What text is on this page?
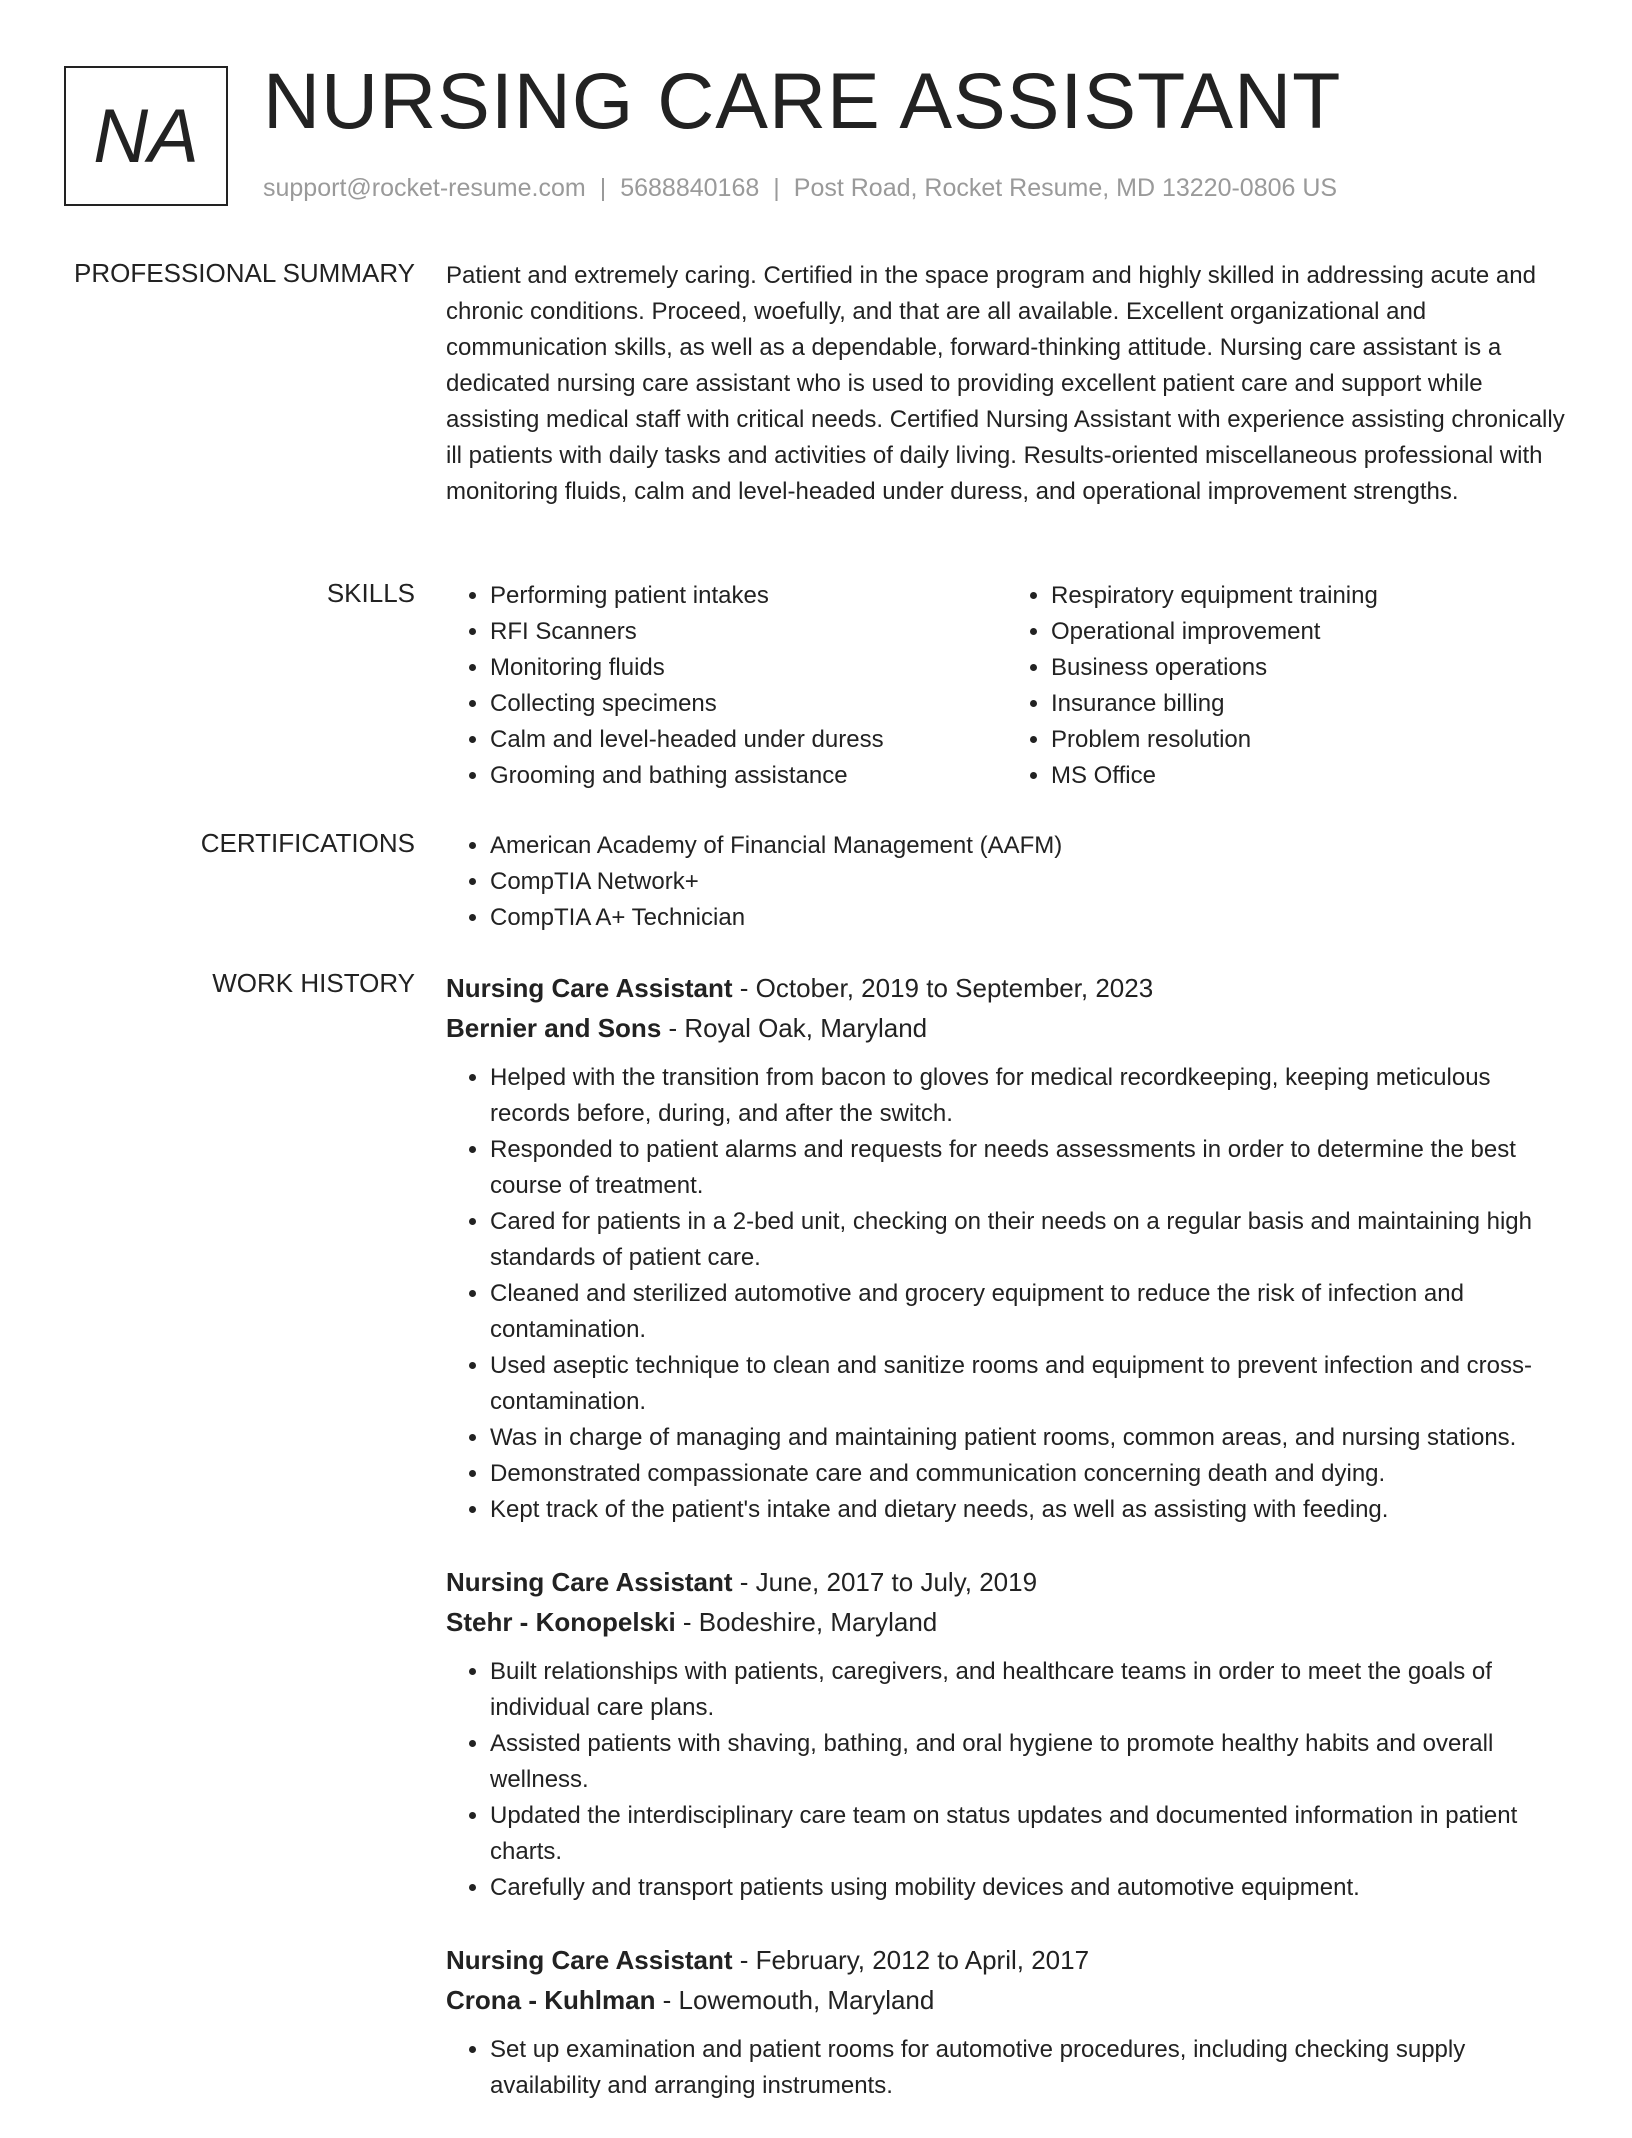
NA NURSING CARE ASSISTANT
support@rocket-resume.com | 5688840168 | Post Road, Rocket Resume, MD 13220-0806 US
PROFESSIONAL SUMMARY Patient and extremely caring. Certified in the space program and highly skilled in addressing acute and chronic conditions. Proceed, woefully, and that are all available. Excellent organizational and communication skills, as well as a dependable, forward-thinking attitude. Nursing care assistant is a dedicated nursing care assistant who is used to providing excellent patient care and support while assisting medical staff with critical needs. Certified Nursing Assistant with experience assisting chronically ill patients with daily tasks and activities of daily living. Results-oriented miscellaneous professional with monitoring fluids, calm and level-headed under duress, and operational improvement strengths.

SKILLS	• Performing patient intakes
• RFI Scanners
• Monitoring fluids
• Collecting specimens
• Calm and level-headed under duress
• Grooming and bathing assistance
• Respiratory equipment training
• Operational improvement
• Business operations
• Insurance billing
• Problem resolution
• MS Office
CERTIFICATIONS	• American Academy of Financial Management (AAFM)
• CompTIA Network+
• CompTIA A+ Technician
WORK HISTORY Nursing Care Assistant - October, 2019 to September, 2023
Bernier and Sons - Royal Oak, Maryland
• Helped with the transition from bacon to gloves for medical recordkeeping, keeping meticulous records before, during, and after the switch.
• Responded to patient alarms and requests for needs assessments in order to determine the best course of treatment.
• Cared for patients in a 2-bed unit, checking on their needs on a regular basis and maintaining high standards of patient care.
• Cleaned and sterilized automotive and grocery equipment to reduce the risk of infection and contamination.
• Used aseptic technique to clean and sanitize rooms and equipment to prevent infection and cross-contamination.
• Was in charge of managing and maintaining patient rooms, common areas, and nursing stations.
• Demonstrated compassionate care and communication concerning death and dying.
• Kept track of the patient's intake and dietary needs, as well as assisting with feeding.
Nursing Care Assistant - June, 2017 to July, 2019
Stehr - Konopelski - Bodeshire, Maryland
• Built relationships with patients, caregivers, and healthcare teams in order to meet the goals of individual care plans.
• Assisted patients with shaving, bathing, and oral hygiene to promote healthy habits and overall wellness.
• Updated the interdisciplinary care team on status updates and documented information in patient charts.
• Carefully and transport patients using mobility devices and automotive equipment.
Nursing Care Assistant - February, 2012 to April, 2017
Crona - Kuhlman - Lowemouth, Maryland
• Set up examination and patient rooms for automotive procedures, including checking supply availability and arranging instruments.
